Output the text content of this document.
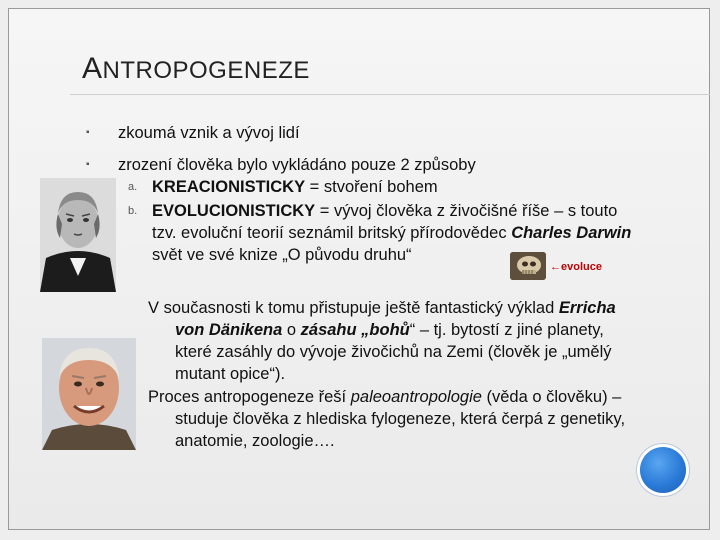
ANTROPOGENEZE
▪ zkoumá vznik a vývoj lidí
▪ zrození člověka bylo vykládáno pouze 2 způsoby
a. KREACIONISTICKY = stvoření bohem
b. EVOLUCIONISTICKY = vývoj člověka z živočišné říše – s touto
tzv. evoluční teorií seznámil britský přírodovědec Charles Darwin
svět ve své knize „O původu druhu“
←evoluce
V současnosti k tomu přistupuje ještě fantastický výklad Erricha
von Dänikena o zásahu „bohů“ – tj. bytostí z jiné planety,
které zasáhly do vývoje živočichů na Zemi (člověk je „umělý
mutant opice“).
Proces antropogeneze řeší paleoantropologie (věda o člověku) –
studuje člověka z hlediska fylogeneze, která čerpá z genetiky,
anatomie, zoologie….
